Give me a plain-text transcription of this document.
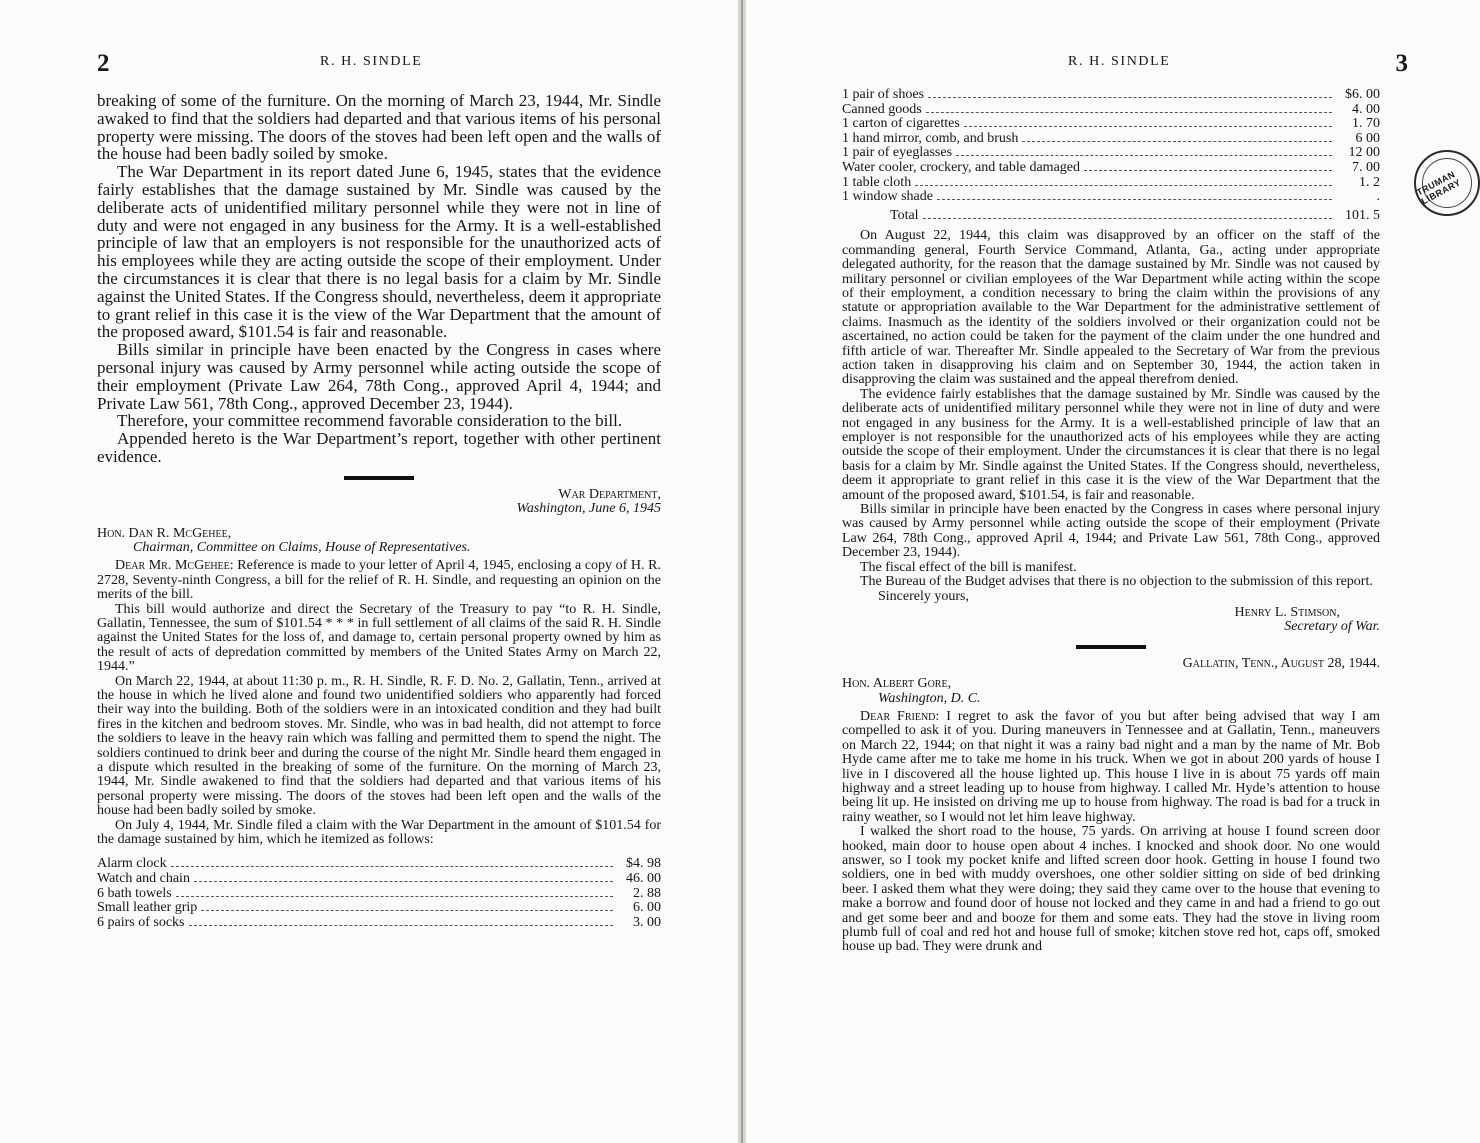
2	R. H. SINDLE

breaking of some of the furniture. On the morning of March 23, 1944, Mr. Sindle awaked to find that the soldiers had departed and that various items of his personal property were missing. The doors of the stoves had been left open and the walls of the house had been badly soiled by smoke.

The War Department in its report dated June 6, 1945, states that the evidence fairly establishes that the damage sustained by Mr. Sindle was caused by the deliberate acts of unidentified military personnel while they were not in line of duty and were not engaged in any business for the Army. It is a well-established principle of law that an employers is not responsible for the unauthorized acts of his employees while they are acting outside the scope of their employment. Under the circumstances it is clear that there is no legal basis for a claim by Mr. Sindle against the United States. If the Congress should, nevertheless, deem it appropriate to grant relief in this case it is the view of the War Department that the amount of the proposed award, $101.54 is fair and reasonable.

Bills similar in principle have been enacted by the Congress in cases where personal injury was caused by Army personnel while acting outside the scope of their employment (Private Law 264, 78th Cong., approved April 4, 1944; and Private Law 561, 78th Cong., approved December 23, 1944).

Therefore, your committee recommend favorable consideration to the bill.

Appended hereto is the War Department’s report, together with other pertinent evidence.

War Department,
Washington, June 6, 1945
Hon. Dan R. McGehee,
Chairman, Committee on Claims, House of Representatives.

Dear Mr. McGehee: Reference is made to your letter of April 4, 1945, enclosing a copy of H. R. 2728, Seventy-ninth Congress, a bill for the relief of R. H. Sindle, and requesting an opinion on the merits of the bill.

This bill would authorize and direct the Secretary of the Treasury to pay “to R. H. Sindle, Gallatin, Tennessee, the sum of $101.54 * * * in full settlement of all claims of the said R. H. Sindle against the United States for the loss of, and damage to, certain personal property owned by him as the result of acts of depredation committed by members of the United States Army on March 22, 1944.”

On March 22, 1944, at about 11:30 p. m., R. H. Sindle, R. F. D. No. 2, Gallatin, Tenn., arrived at the house in which he lived alone and found two unidentified soldiers who apparently had forced their way into the building. Both of the soldiers were in an intoxicated condition and they had built fires in the kitchen and bedroom stoves. Mr. Sindle, who was in bad health, did not attempt to force the soldiers to leave in the heavy rain which was falling and permitted them to spend the night. The soldiers continued to drink beer and during the course of the night Mr. Sindle heard them engaged in a dispute which resulted in the breaking of some of the furniture. On the morning of March 23, 1944, Mr. Sindle awakened to find that the soldiers had departed and that various items of his personal property were missing. The doors of the stoves had been left open and the walls of the house had been badly soiled by smoke.

On July 4, 1944, Mr. Sindle filed a claim with the War Department in the amount of $101.54 for the damage sustained by him, which he itemized as follows:

Alarm clock	$4. 98
Watch and chain	46. 00
6 bath towels	2. 88
Small leather grip	6. 00
6 pairs of socks	3. 00
R. H. SINDLE	3
TRUMAN LIBRARY
1 pair of shoes	$6. 00
Canned goods	4. 00
1 carton of cigarettes	1. 70
1 hand mirror, comb, and brush	6 00
1 pair of eyeglasses	12 00
Water cooler, crockery, and table damaged	7. 00
1 table cloth	1. 2
1 window shade	.
Total	101. 5

On August 22, 1944, this claim was disapproved by an officer on the staff of the commanding general, Fourth Service Command, Atlanta, Ga., acting under appropriate delegated authority, for the reason that the damage sustained by Mr. Sindle was not caused by military personnel or civilian employees of the War Department while acting within the scope of their employment, a condition necessary to bring the claim within the provisions of any statute or appropriation available to the War Department for the administrative settlement of claims. Inasmuch as the identity of the soldiers involved or their organization could not be ascertained, no action could be taken for the payment of the claim under the one hundred and fifth article of war. Thereafter Mr. Sindle appealed to the Secretary of War from the previous action taken in disapproving his claim and on September 30, 1944, the action taken in disapproving the claim was sustained and the appeal therefrom denied.

The evidence fairly establishes that the damage sustained by Mr. Sindle was caused by the deliberate acts of unidentified military personnel while they were not in line of duty and were not engaged in any business for the Army. It is a well-established principle of law that an employer is not responsible for the unauthorized acts of his employees while they are acting outside the scope of their employment. Under the circumstances it is clear that there is no legal basis for a claim by Mr. Sindle against the United States. If the Congress should, nevertheless, deem it appropriate to grant relief in this case it is the view of the War Department that the amount of the proposed award, $101.54, is fair and reasonable.

Bills similar in principle have been enacted by the Congress in cases where personal injury was caused by Army personnel while acting outside the scope of their employment (Private Law 264, 78th Cong., approved April 4, 1944; and Private Law 561, 78th Cong., approved December 23, 1944).

The fiscal effect of the bill is manifest.

The Bureau of the Budget advises that there is no objection to the submission of this report.

Sincerely yours,

Henry L. Stimson,
Secretary of War.
Gallatin, Tenn., August 28, 1944.
Hon. Albert Gore,
Washington, D. C.

Dear Friend: I regret to ask the favor of you but after being advised that way I am compelled to ask it of you. During maneuvers in Tennessee and at Gallatin, Tenn., maneuvers on March 22, 1944; on that night it was a rainy bad night and a man by the name of Mr. Bob Hyde came after me to take me home in his truck. When we got in about 200 yards of house I live in I discovered all the house lighted up. This house I live in is about 75 yards off main highway and a street leading up to house from highway. I called Mr. Hyde’s attention to house being lit up. He insisted on driving me up to house from highway. The road is bad for a truck in rainy weather, so I would not let him leave highway.

I walked the short road to the house, 75 yards. On arriving at house I found screen door hooked, main door to house open about 4 inches. I knocked and shook door. No one would answer, so I took my pocket knife and lifted screen door hook. Getting in house I found two soldiers, one in bed with muddy overshoes, one other soldier sitting on side of bed drinking beer. I asked them what they were doing; they said they came over to the house that evening to make a borrow and found door of house not locked and they came in and had a friend to go out and get some beer and and booze for them and some eats. They had the stove in living room plumb full of coal and red hot and house full of smoke; kitchen stove red hot, caps off, smoked house up bad. They were drunk and
